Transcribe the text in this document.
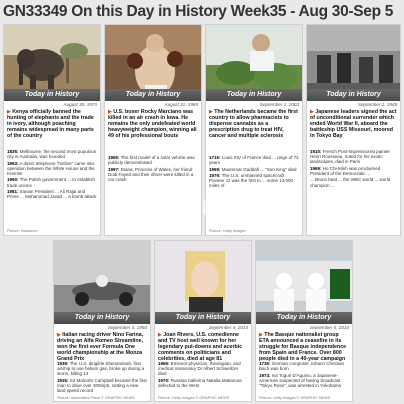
GN33349 On this Day in History Week35 - Aug 30-Sep 5
Today in History
August 30, 1973
▶ Kenya officially banned the hunting of elephants and the trade in ivory, although poaching remains widespread in many parts of the country

1835: Melbourne, the second most populous city in Australia, was founded

1963: A direct telephone "hotline" came into operation between the White House and the Kremlin

1990: The Polish government ... to establish trade unions

1981: Iranian President ... Ali Rajai and Prime ... Mohammad Javad ... a bomb attack

Picture: Newscom
Today in History
August 31, 1969
▶ U.S. boxer Rocky Marciano was killed in an air crash in Iowa. He remains the only undefeated world heavyweight champion, winning all 49 of his professional bouts

1965: The first model of a solar vehicle was publicly demonstrated

1997: Diana, Princess of Wales, her friend Dodi Fayed and their driver were killed in a car crash

Today in History
September 1, 2003
▶ The Netherlands became the first country to allow pharmacists to dispense cannabis as a prescription drug to treat HIV, cancer and multiple sclerosis

1715: Louis XIV of France died ... reign of 72 years

1969: Muammar Gaddafi ... "Sun King" died

1979: The U.S. unmanned spacecraft Pioneer 11 was the first to ... some 13,000 miles of

Picture: Getty Images
Today in History
September 2, 1945
▶ Japanese leaders signed the act of unconditional surrender which ended World War II, aboard the battleship USS Missouri, moored in Tokyo Bay

1910: French Post-Impressionist painter Henri Rousseau, noted for his exotic landscapes, died in Paris

1969: Ho Chi-Minh was proclaimed President of the Democratic ...

... Bruno beat ... the WBC world ... world champion ...

Today in History
September 3, 1950
▶ Italian racing driver Nino Farina, driving an Alfa Romeo Streamline, won the first ever Formula One world championship at the Monza Grand Prix

1935: The U.S. dirigible Shenandoah, first airship to use helium gas, broke up during a storm, killing 14

1935: Sir Malcolm Campbell became the first man to drive over 300mph, setting a new land speed record

Picture: Associated Press © GRAPHIC NEWS
Today in History
September 4, 2014
▶ Joan Rivers, U.S. comedienne and TV host well known for her legendary put-downs and acerbic comments on politicians and celebrities, died at age 81

1965: Eminent physician, theologian, and medical missionary Dr Albert Schweitzer died

1970: Russian ballerina Natalia Makarova defected to the West

Picture: Getty Images © GRAPHIC NEWS
Today in History
September 5, 2010
▶ The Basque nationalist group ETA announced a ceasefire in its struggle for Basque independence from Spain and France. Over 800 people died in a 40-year campaign

1735: German composer Johann Christian Bach was born

1974: Iva Toguri D'Aquino, a Japanese-American suspected of having broadcast "Tokyo Rose", was arrested in Yokohama

Picture: Getty Images © GRAPHIC NEWS
GRAPHIC NEWS
